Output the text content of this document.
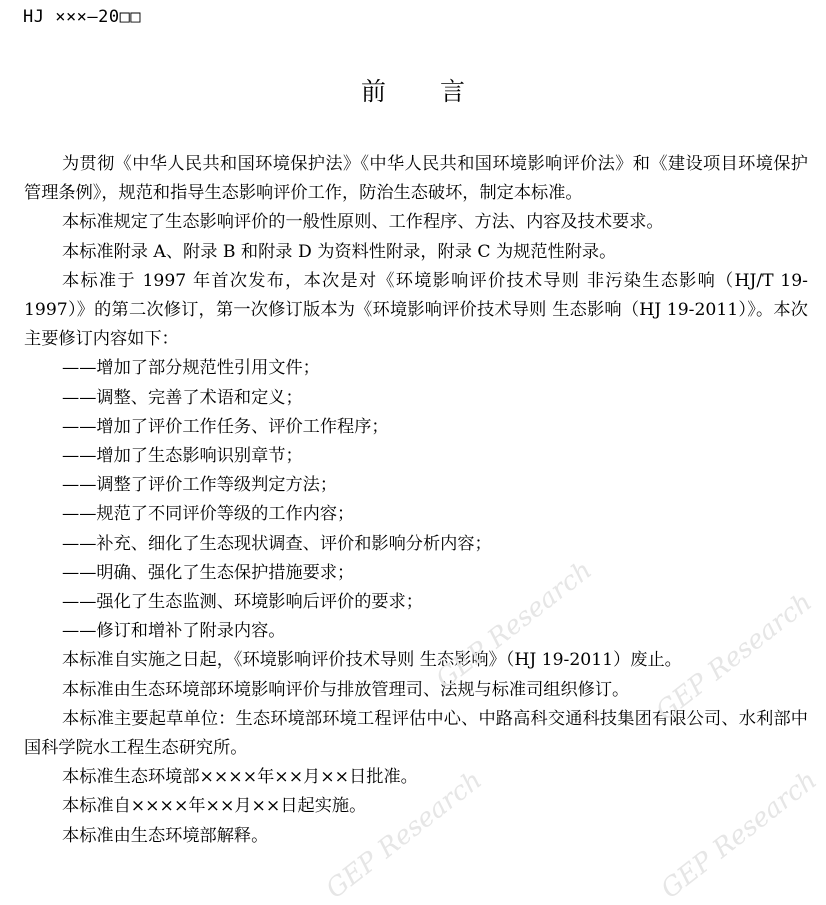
HJ ×××—20□□
前 言

为贯彻《中华人民共和国环境保护法》《中华人民共和国环境影响评价法》和《建设项目环境保护管理条例》，规范和指导生态影响评价工作，防治生态破坏，制定本标准。

本标准规定了生态影响评价的一般性原则、工作程序、方法、内容及技术要求。

本标准附录 A、附录 B 和附录 D 为资料性附录，附录 C 为规范性附录。

本标准于 1997 年首次发布，本次是对《环境影响评价技术导则 非污染生态影响（HJ/T 19-1997）》的第二次修订，第一次修订版本为《环境影响评价技术导则 生态影响（HJ 19-2011）》。本次主要修订内容如下：

——增加了部分规范性引用文件；

——调整、完善了术语和定义；

——增加了评价工作任务、评价工作程序；

——增加了生态影响识别章节；

——调整了评价工作等级判定方法；

——规范了不同评价等级的工作内容；

——补充、细化了生态现状调查、评价和影响分析内容；

——明确、强化了生态保护措施要求；

——强化了生态监测、环境影响后评价的要求；

——修订和增补了附录内容。

本标准自实施之日起，《环境影响评价技术导则 生态影响》（HJ 19-2011）废止。

本标准由生态环境部环境影响评价与排放管理司、法规与标准司组织修订。

本标准主要起草单位：生态环境部环境工程评估中心、中路高科交通科技集团有限公司、水利部中国科学院水工程生态研究所。

本标准生态环境部××××年××月××日批准。

本标准自××××年××月××日起实施。

本标准由生态环境部解释。

GEP Research GEP Research
GEP Research	GEP Research
